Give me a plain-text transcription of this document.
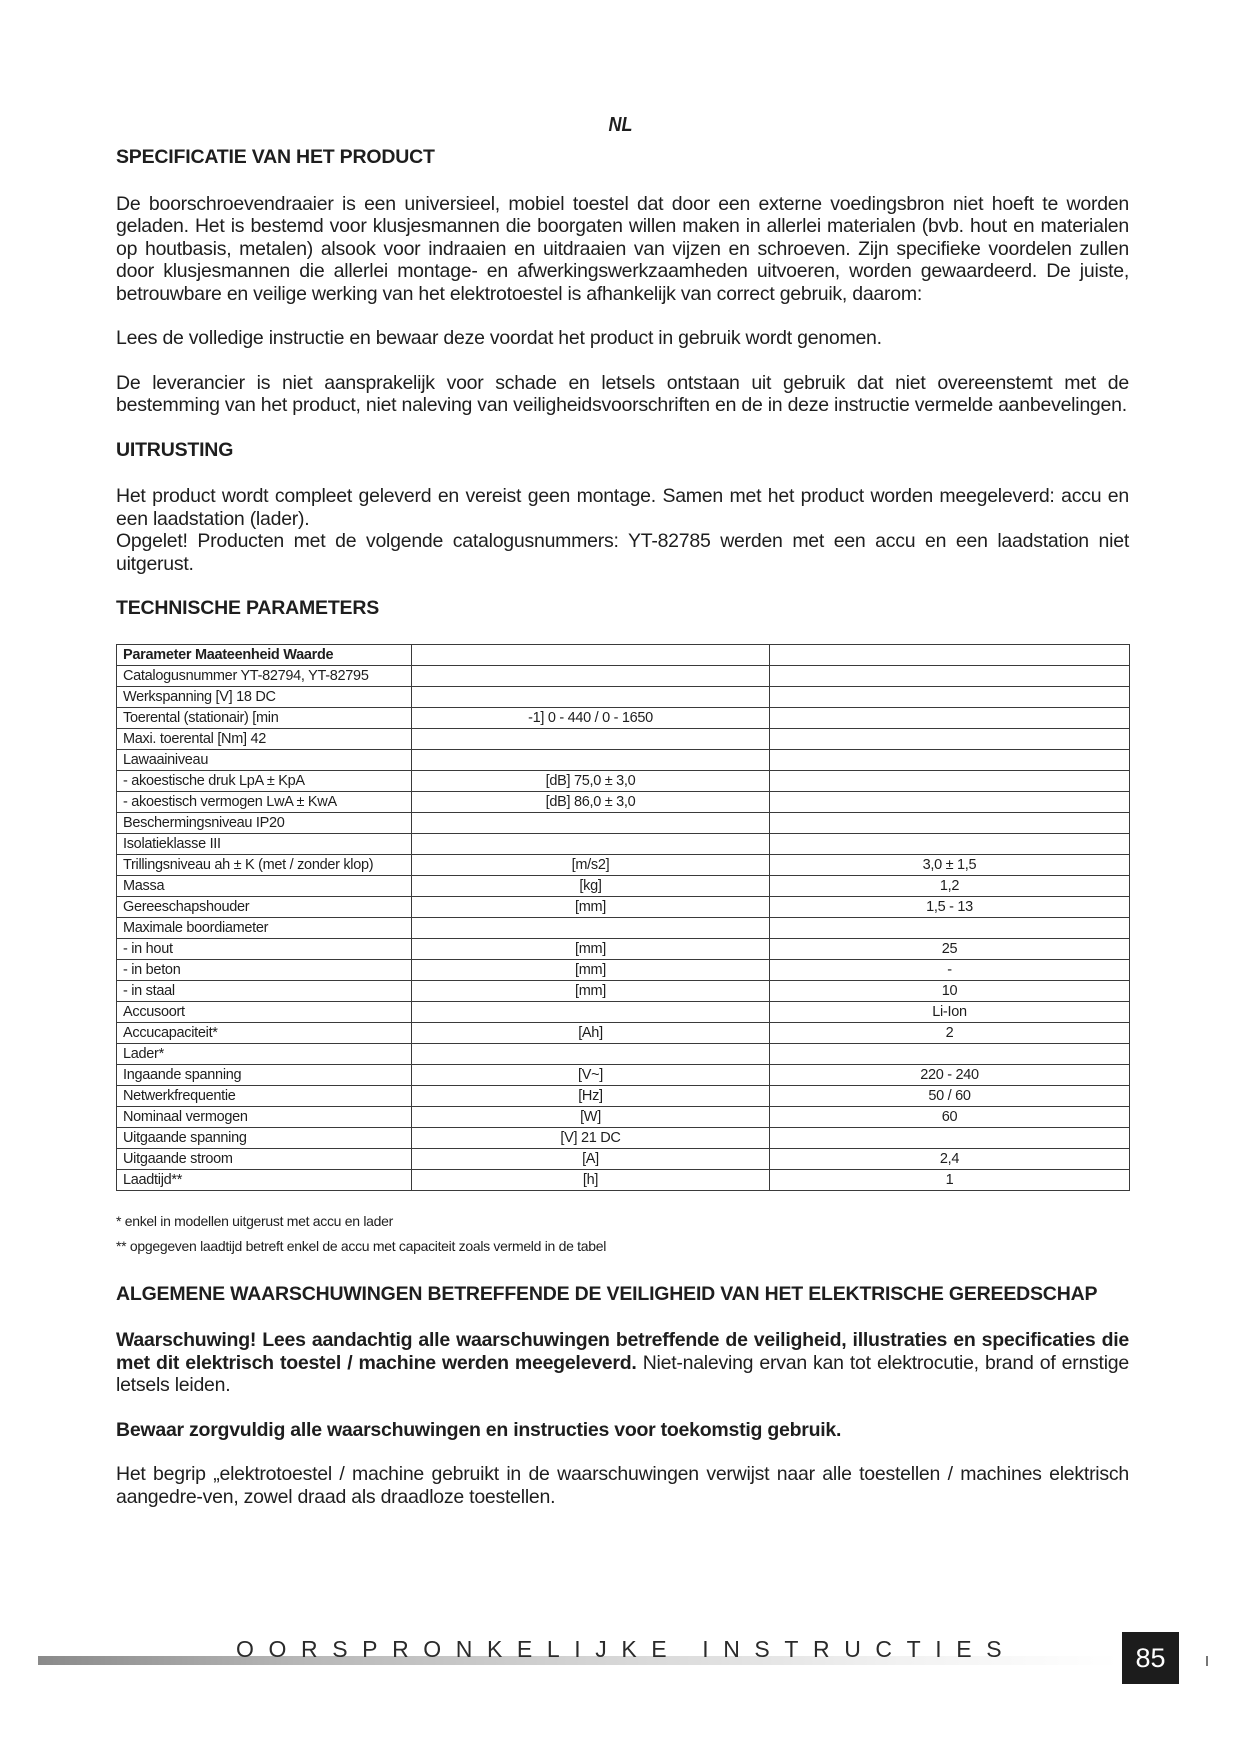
NL
SPECIFICATIE VAN HET PRODUCT

De boorschroevendraaier is een universieel, mobiel toestel dat door een externe voedingsbron niet hoeft te worden geladen. Het is bestemd voor klusjesmannen die boorgaten willen maken in allerlei materialen (bvb. hout en materialen op houtbasis, metalen) alsook voor indraaien en uitdraaien van vijzen en schroeven. Zijn specifieke voordelen zullen door klusjesmannen die allerlei montage- en afwerkingswerkzaamheden uitvoeren, worden gewaardeerd. De juiste, betrouwbare en veilige werking van het elektrotoestel is afhankelijk van correct gebruik, daarom:

Lees de volledige instructie en bewaar deze voordat het product in gebruik wordt genomen.

De leverancier is niet aansprakelijk voor schade en letsels ontstaan uit gebruik dat niet overeenstemt met de bestemming van het product, niet naleving van veiligheidsvoorschriften en de in deze instructie vermelde aanbevelingen.

UITRUSTING

Het product wordt compleet geleverd en vereist geen montage. Samen met het product worden meegeleverd: accu en een laadstation (lader).

Opgelet! Producten met de volgende catalogusnummers: YT-82785 werden met een accu en een laadstation niet uitgerust.

TECHNISCHE PARAMETERS
Parameter Maateenheid Waarde		
Catalogusnummer YT-82794, YT-82795		
Werkspanning [V] 18 DC		
Toerental (stationair) [min	-1] 0 - 440 / 0 - 1650	
Maxi. toerental [Nm] 42		
Lawaainiveau		
- akoestische druk LpA ± KpA	[dB] 75,0 ± 3,0	
- akoestisch vermogen LwA ± KwA	[dB] 86,0 ± 3,0	
Beschermingsniveau IP20		
Isolatieklasse III		
Trillingsniveau ah ± K (met / zonder klop)	[m/s2]	3,0 ± 1,5
Massa	[kg]	1,2
Gereeschapshouder	[mm]	1,5 - 13
Maximale boordiameter		
- in hout	[mm]	25
- in beton	[mm]	-
- in staal	[mm]	10
Accusoort		Li-Ion
Accucapaciteit*	[Ah]	2
Lader*		
Ingaande spanning	[V~]	220 - 240
Netwerkfrequentie	[Hz]	50 / 60
Nominaal vermogen	[W]	60
Uitgaande spanning	[V] 21 DC	
Uitgaande stroom	[A]	2,4
Laadtijd**	[h]	1
* enkel in modellen uitgerust met accu en lader
** opgegeven laadtijd betreft enkel de accu met capaciteit zoals vermeld in de tabel
ALGEMENE WAARSCHUWINGEN BETREFFENDE DE VEILIGHEID VAN HET ELEKTRISCHE GEREEDSCHAP

Waarschuwing! Lees aandachtig alle waarschuwingen betreffende de veiligheid, illustraties en specificaties die met dit elektrisch toestel / machine werden meegeleverd. Niet-naleving ervan kan tot elektrocutie, brand of ernstige letsels leiden.

Bewaar zorgvuldig alle waarschuwingen en instructies voor toekomstig gebruik.

Het begrip „elektrotoestel / machine gebruikt in de waarschuwingen verwijst naar alle toestellen / machines elektrisch aangedre-ven, zowel draad als draadloze toestellen.

OORSPRONKELIJKE INSTRUCTIES	85
